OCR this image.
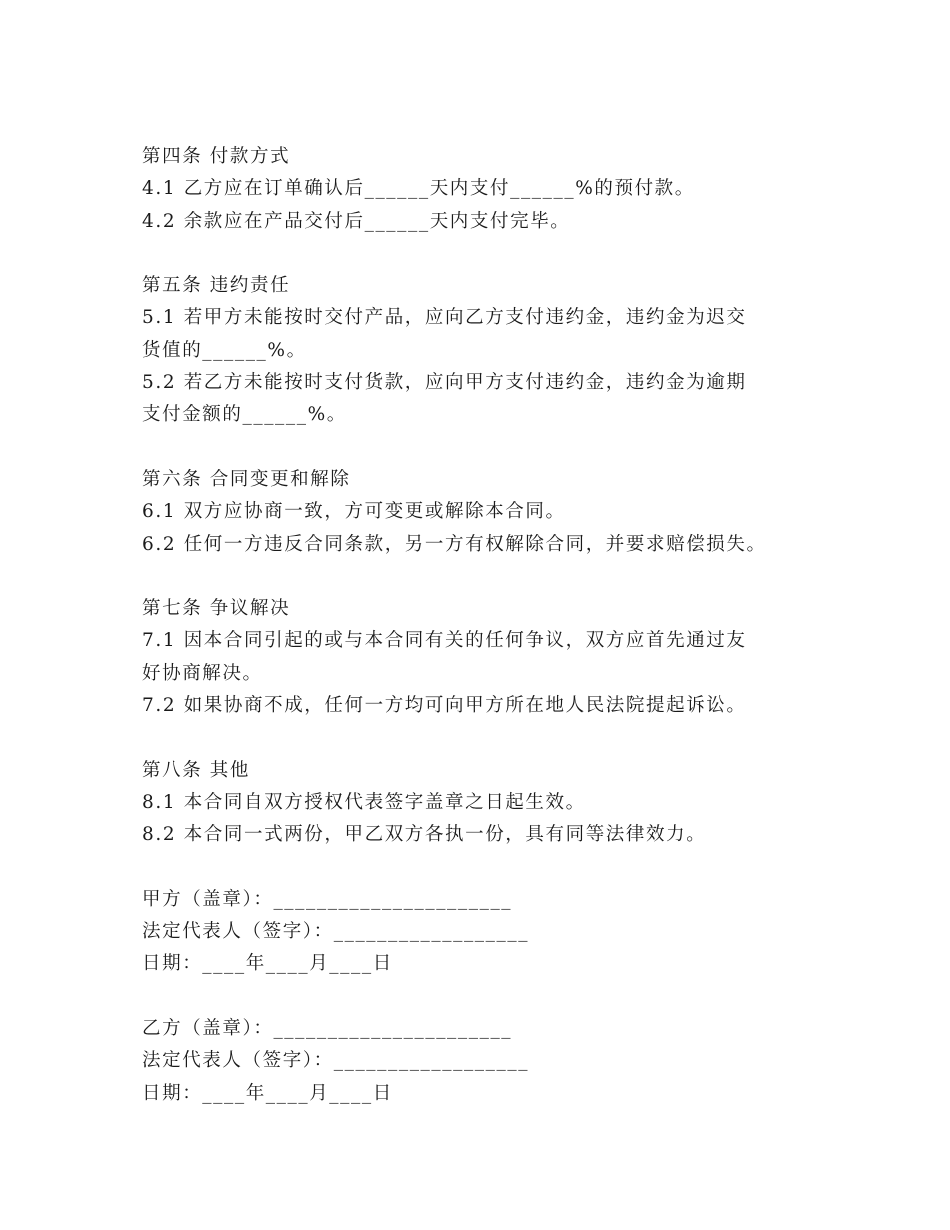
第四条 付款方式
4.1 乙方应在订单确认后______天内支付______%的预付款。
4.2 余款应在产品交付后______天内支付完毕。
第五条 违约责任
5.1 若甲方未能按时交付产品，应向乙方支付违约金，违约金为迟交
货值的______%。
5.2 若乙方未能按时支付货款，应向甲方支付违约金，违约金为逾期
支付金额的______%。
第六条 合同变更和解除
6.1 双方应协商一致，方可变更或解除本合同。
6.2 任何一方违反合同条款，另一方有权解除合同，并要求赔偿损失。
第七条 争议解决
7.1 因本合同引起的或与本合同有关的任何争议，双方应首先通过友
好协商解决。
7.2 如果协商不成，任何一方均可向甲方所在地人民法院提起诉讼。
第八条 其他
8.1 本合同自双方授权代表签字盖章之日起生效。
8.2 本合同一式两份，甲乙双方各执一份，具有同等法律效力。
甲方（盖章）：______________________
法定代表人（签字）：__________________
日期：____年____月____日
乙方（盖章）：______________________
法定代表人（签字）：__________________
日期：____年____月____日
